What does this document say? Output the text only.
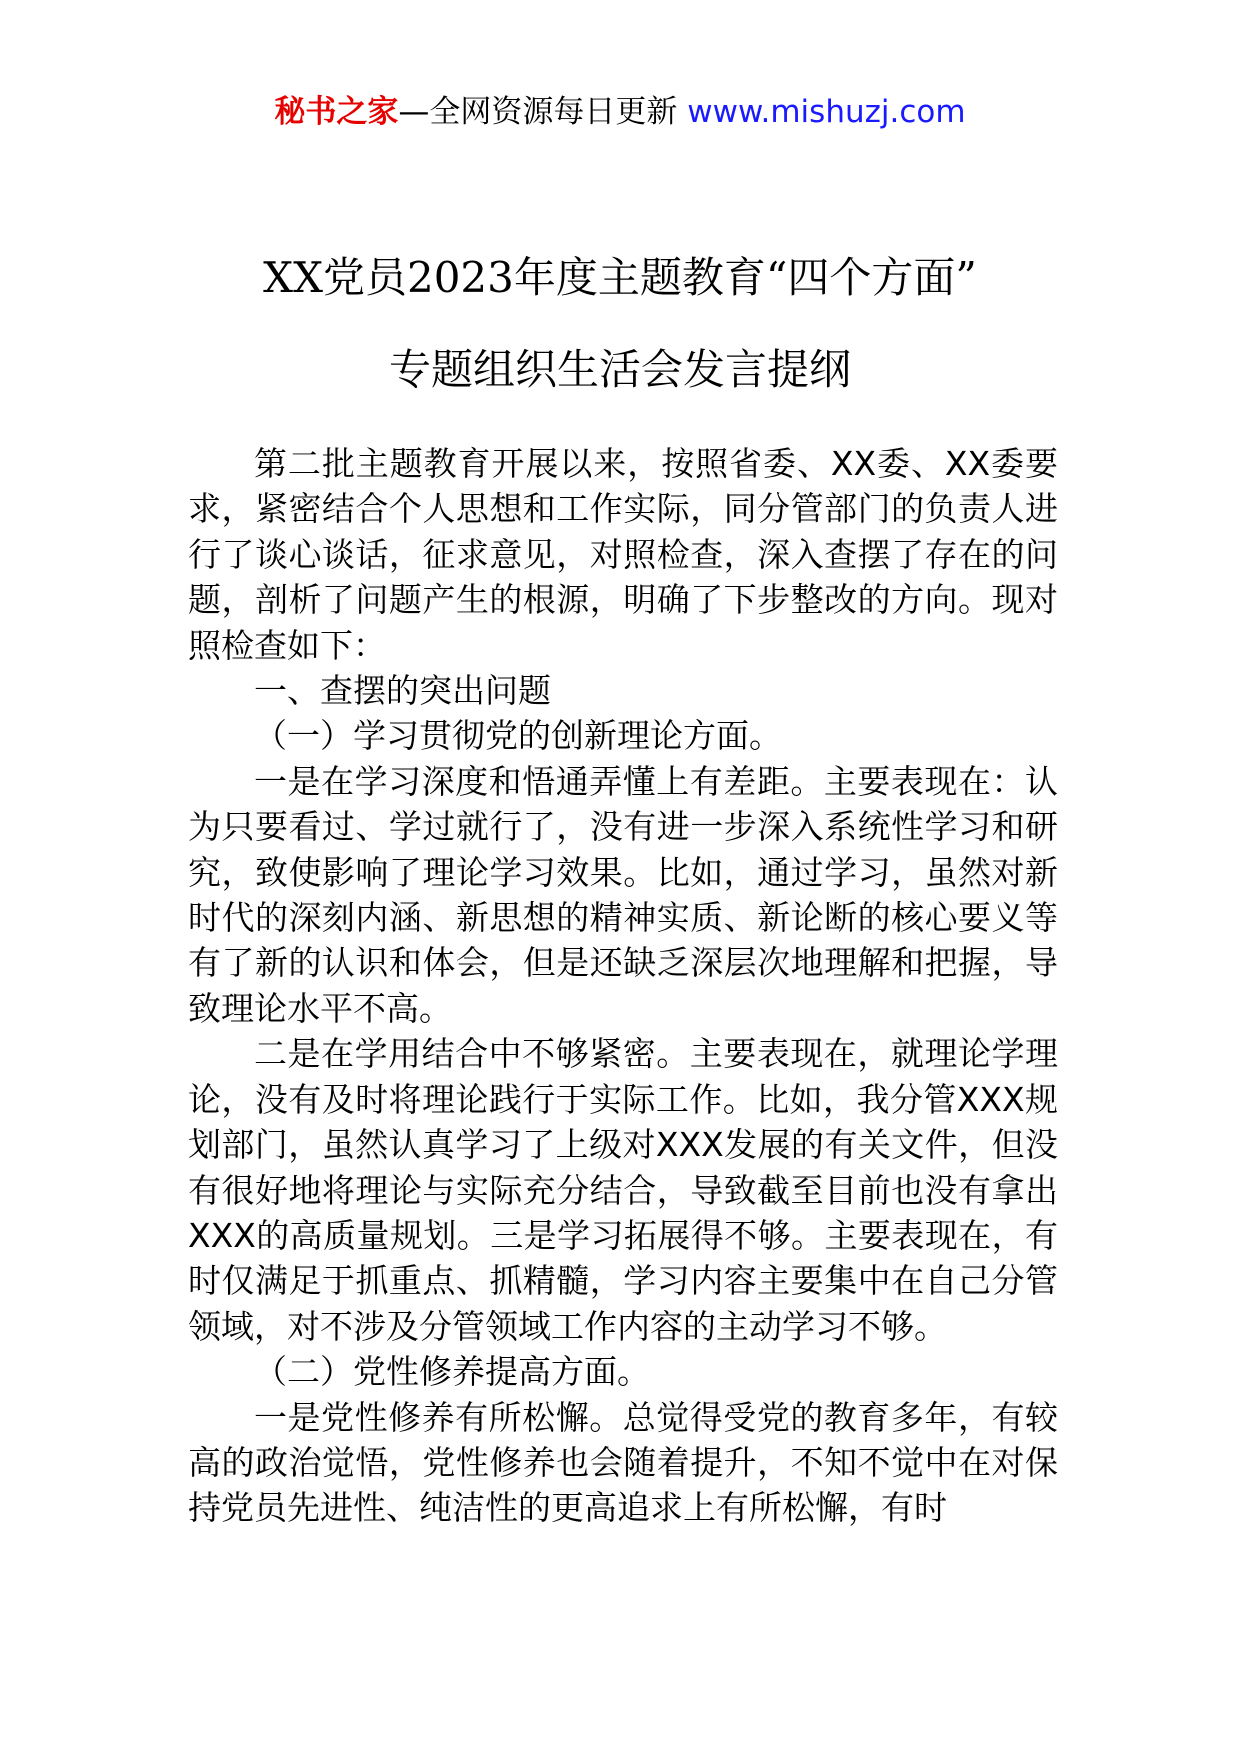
秘书之家—全网资源每日更新 www.mishuzj.com
XX党员2023年度主题教育“四个方面”
专题组织生活会发言提纲

第二批主题教育开展以来，按照省委、XX委、XX委要求，紧密结合个人思想和工作实际，同分管部门的负责人进行了谈心谈话，征求意见，对照检查，深入查摆了存在的问题，剖析了问题产生的根源，明确了下步整改的方向。现对照检查如下：

一、查摆的突出问题

（一）学习贯彻党的创新理论方面。

一是在学习深度和悟通弄懂上有差距。主要表现在：认为只要看过、学过就行了，没有进一步深入系统性学习和研究，致使影响了理论学习效果。比如，通过学习，虽然对新时代的深刻内涵、新思想的精神实质、新论断的核心要义等有了新的认识和体会，但是还缺乏深层次地理解和把握，导致理论水平不高。

二是在学用结合中不够紧密。主要表现在，就理论学理论，没有及时将理论践行于实际工作。比如，我分管XXX规划部门，虽然认真学习了上级对XXX发展的有关文件，但没有很好地将理论与实际充分结合，导致截至目前也没有拿出XXX的高质量规划。三是学习拓展得不够。主要表现在，有时仅满足于抓重点、抓精髓，学习内容主要集中在自己分管领域，对不涉及分管领域工作内容的主动学习不够。

（二）党性修养提高方面。

一是党性修养有所松懈。总觉得受党的教育多年，有较高的政治觉悟，党性修养也会随着提升，不知不觉中在对保持党员先进性、纯洁性的更高追求上有所松懈，有时
